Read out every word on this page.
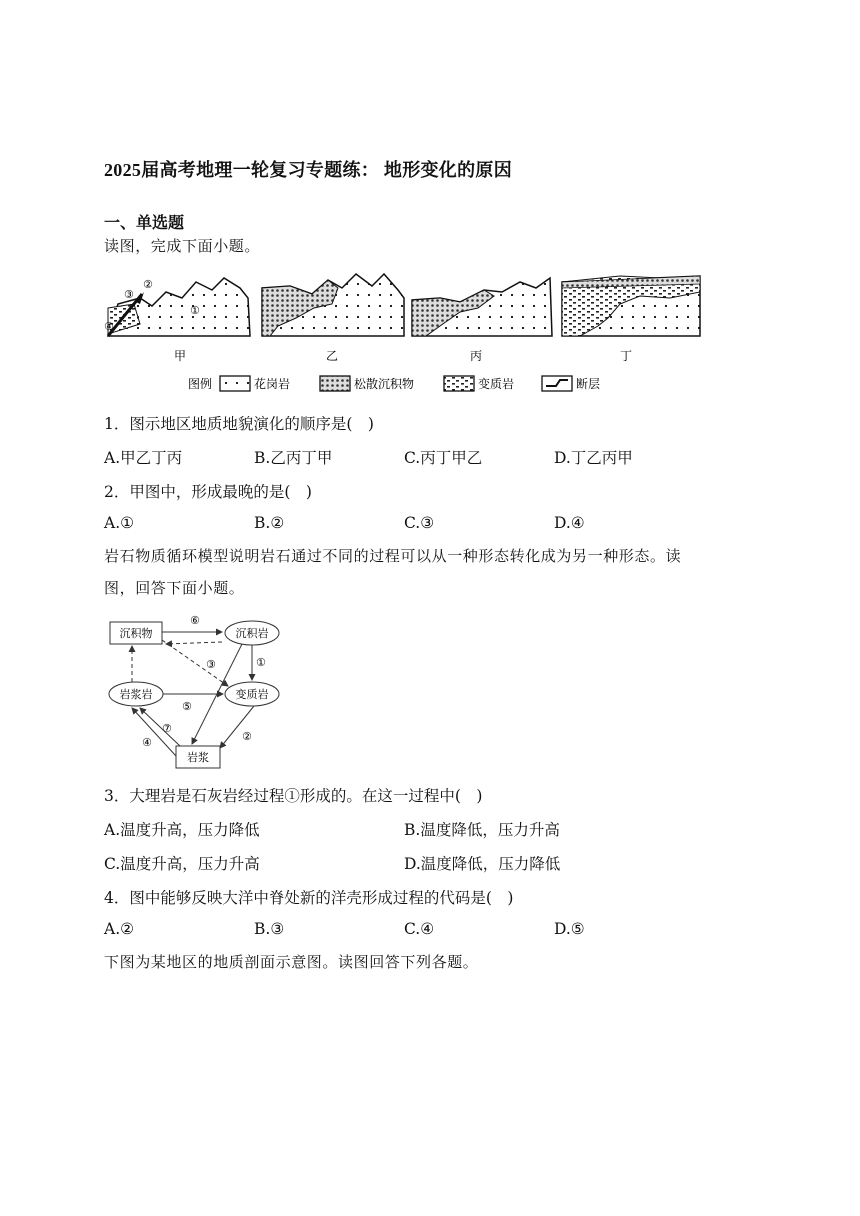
2025届高考地理一轮复习专题练： 地形变化的原因
一、单选题
读图，完成下面小题。
③
②
①
④
甲	乙	丙	丁
图例	花岗岩	松散沉积物	变质岩	断层
1．图示地区地质地貌演化的顺序是(　)
A.甲乙丁丙	B.乙丙丁甲	C.丙丁甲乙	D.丁乙丙甲
2．甲图中，形成最晚的是(　)
A.①	B.②	C.③	D.④
岩石物质循环模型说明岩石通过不同的过程可以从一种形态转化成为另一种形态。读
图，回答下面小题。
沉积物	沉积岩
岩浆岩	变质岩
岩浆
⑥
①
③
⑤
⑦
④	②
3．大理岩是石灰岩经过程①形成的。在这一过程中(　)
A.温度升高，压力降低	B.温度降低，压力升高
C.温度升高，压力升高	D.温度降低，压力降低
4．图中能够反映大洋中脊处新的洋壳形成过程的代码是(　)
A.②	B.③	C.④	D.⑤
下图为某地区的地质剖面示意图。读图回答下列各题。
